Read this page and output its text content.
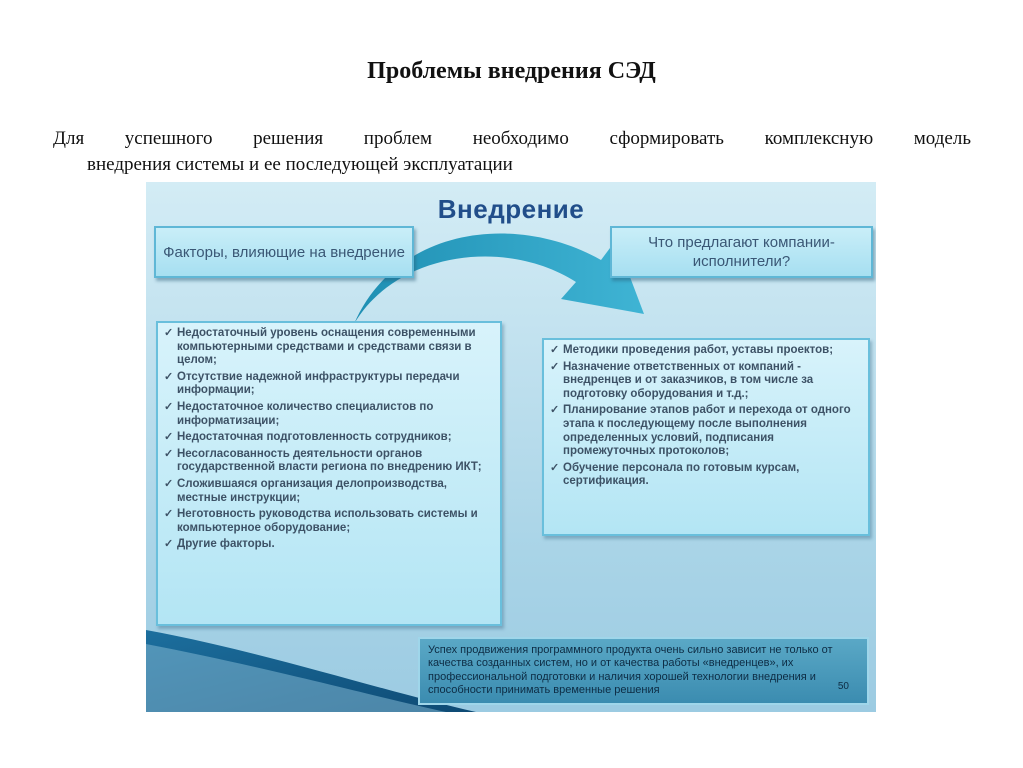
Проблемы внедрения СЭД
Для успешного решения проблем необходимо сформировать комплексную модель
внедрения системы и ее последующей эксплуатации
Внедрение
Факторы, влияющие на внедрение
Что предлагают компании-исполнители?
✓ Недостаточный уровень оснащения современными компьютерными средствами и средствами связи в целом;
✓ Отсутствие надежной инфраструктуры передачи информации;
✓ Недостаточное количество специалистов по информатизации;
✓ Недостаточная подготовленность сотрудников;
✓ Несогласованность деятельности органов государственной власти региона по внедрению ИКТ;
✓ Сложившаяся организация делопроизводства, местные инструкции;
✓ Неготовность руководства использовать системы и компьютерное оборудование;
✓ Другие факторы.
✓ Методики проведения работ, уставы проектов;
✓ Назначение ответственных от компаний - внедренцев и от заказчиков, в том числе за подготовку оборудования и т.д.;
✓ Планирование этапов работ и перехода от одного этапа к последующему после выполнения определенных условий, подписания промежуточных протоколов;
✓ Обучение персонала по готовым курсам, сертификация.
Успех продвижения программного продукта очень сильно зависит не только от качества созданных систем, но и от качества работы «внедренцев», их профессиональной подготовки и наличия хорошей технологии внедрения и способности принимать временные решения	50
